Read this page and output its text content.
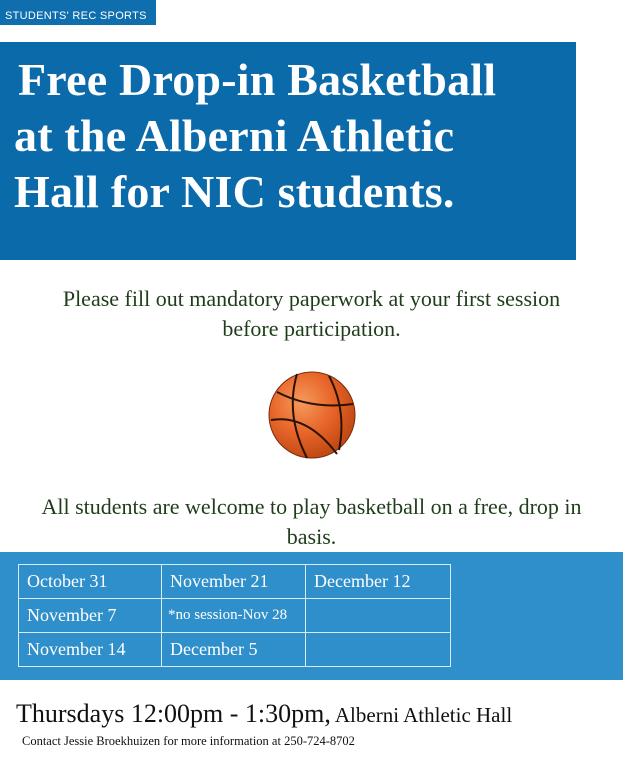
STUDENTS' REC SPORTS
Free Drop-in Basketball
at the Alberni Athletic
Hall for NIC students.

Please fill out mandatory paperwork at your first session
before participation.

All students are welcome to play basketball on a free, drop in
basis.

October 31	November 21	December 12
November 7	*no session-Nov 28	
November 14	December 5	
Thursdays 12:00pm - 1:30pm, Alberni Athletic Hall
Contact Jessie Broekhuizen for more information at 250-724-8702
